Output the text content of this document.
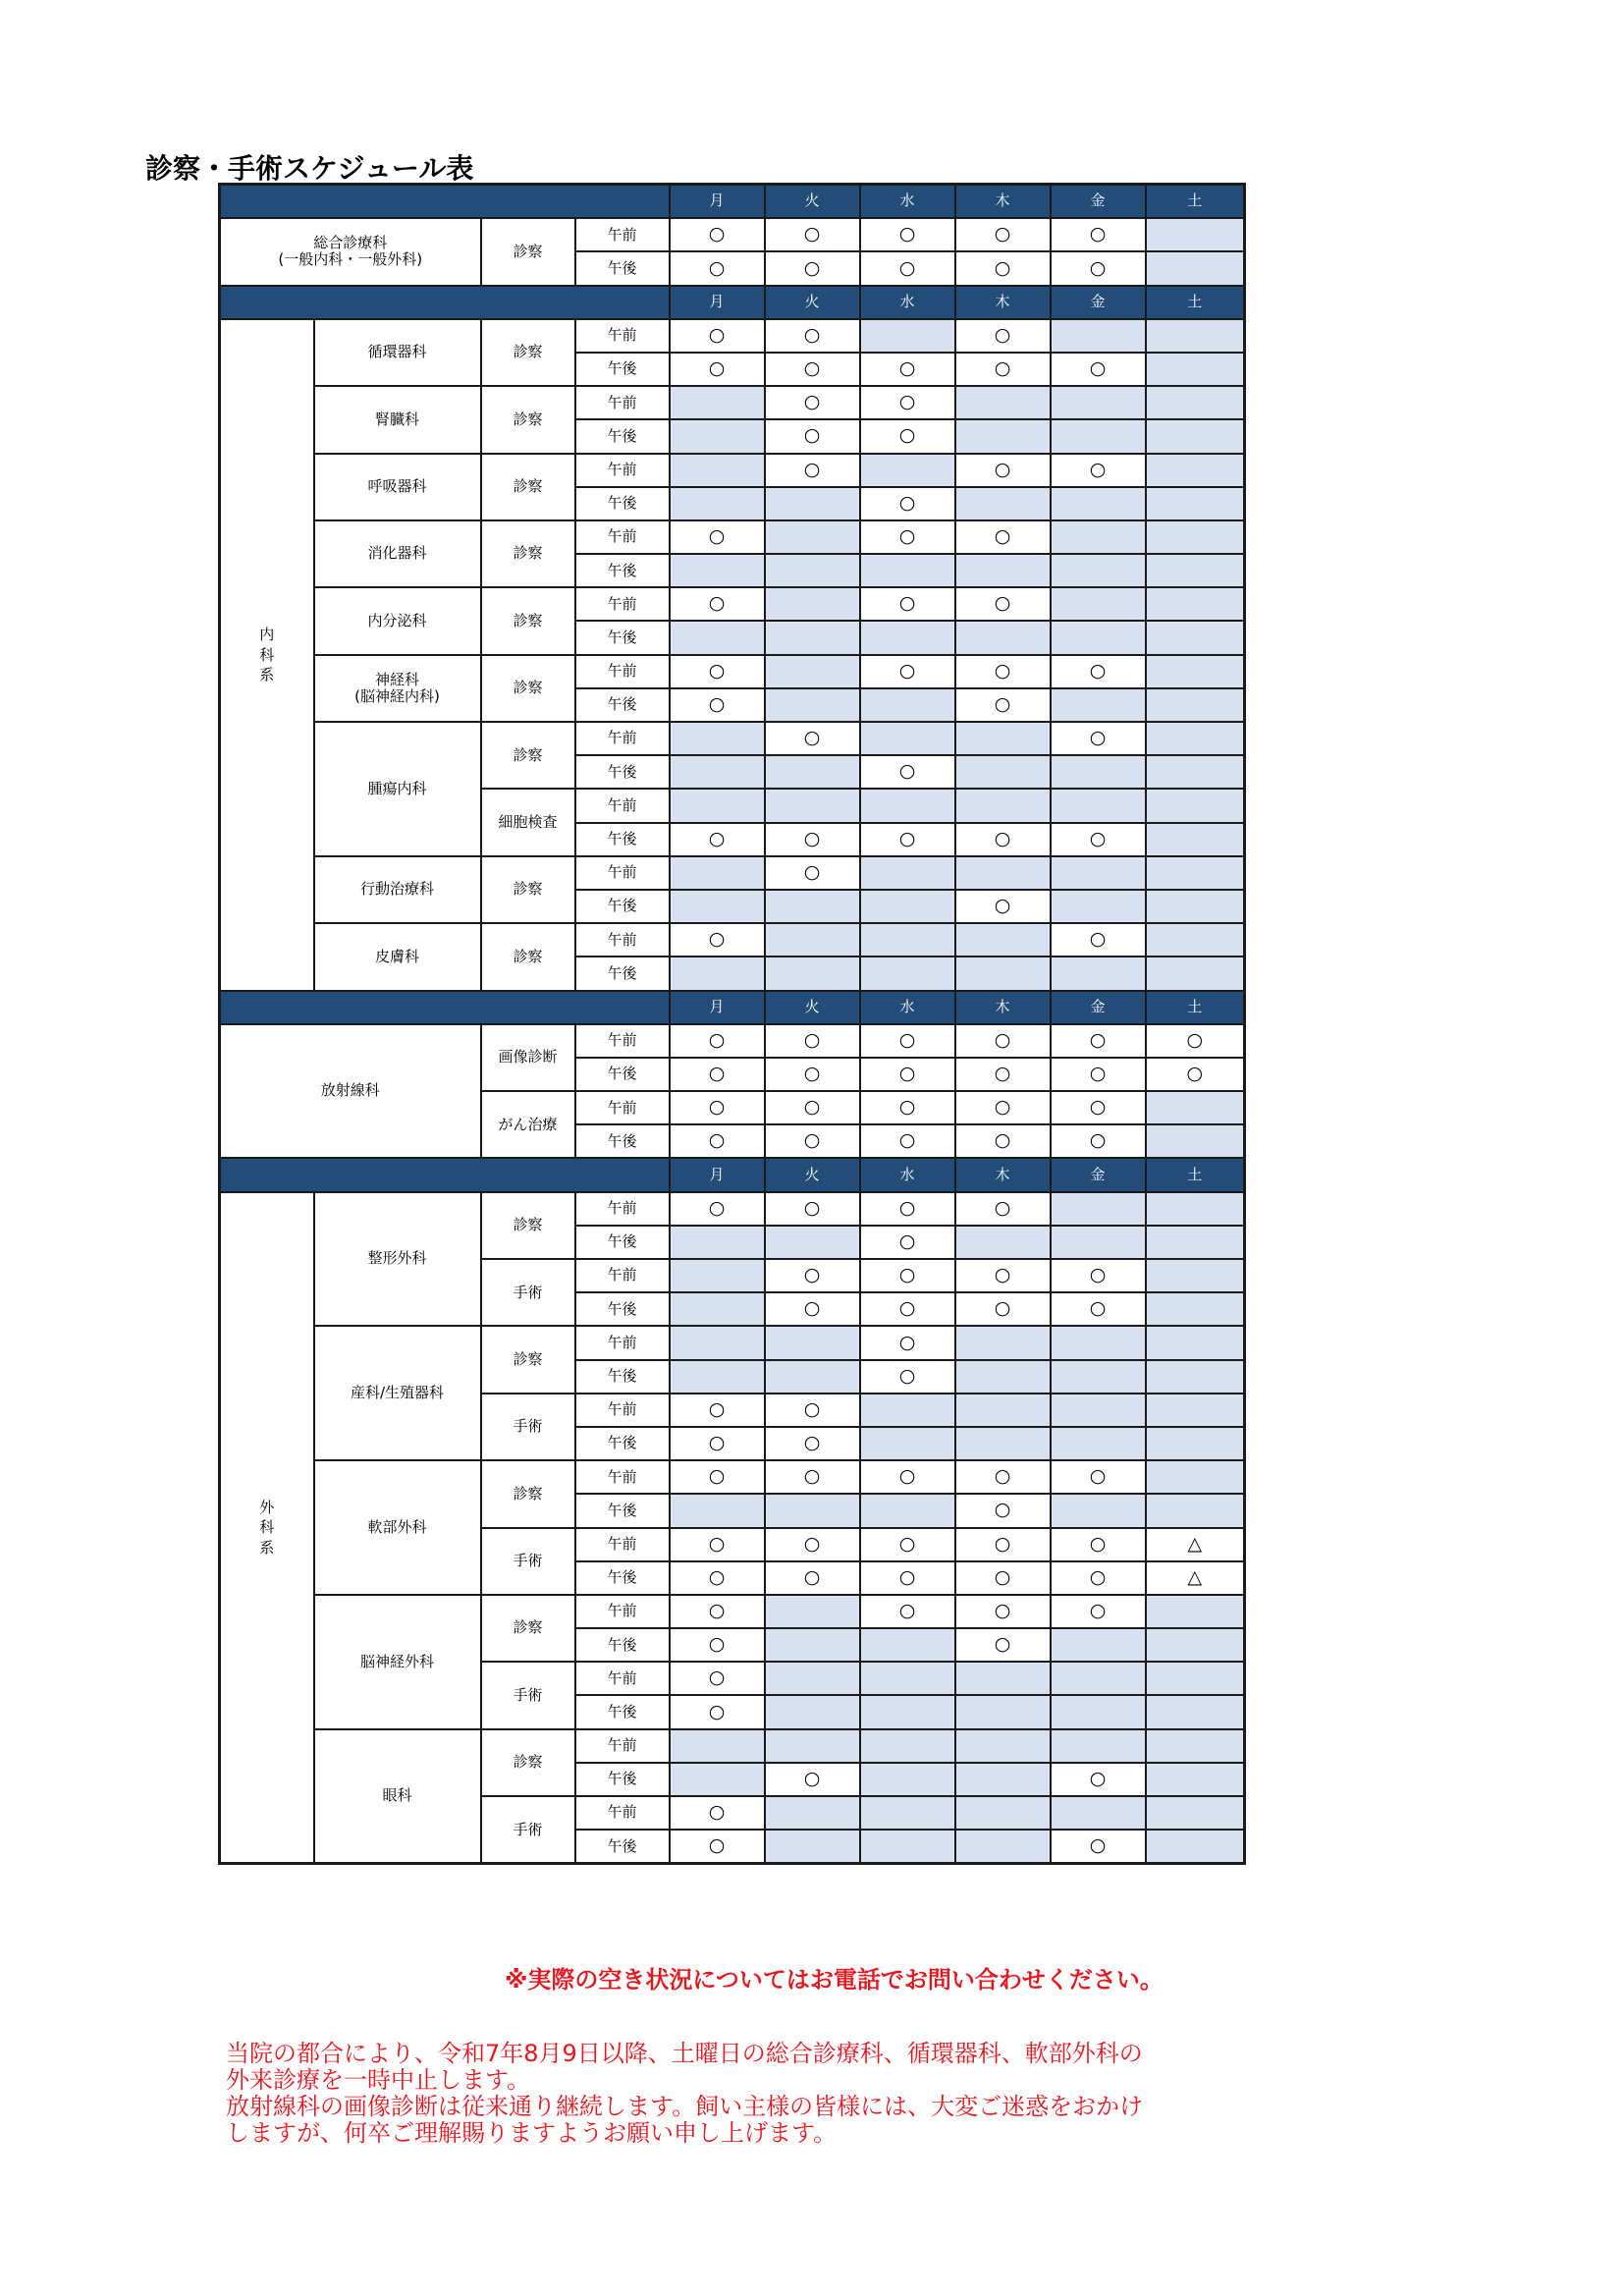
診察・手術スケジュール表
				月	火	水	木	金	土
総合診療科
(一般内科・一般外科)		診察	午前	○	○	○	○	○	
			午後	○	○	○	○	○	
				月	火	水	木	金	土
内
科
系	循環器科	診察	午前	○	○		○		
			午後	○	○	○	○	○	
	腎臓科	診察	午前		○	○			
			午後		○	○			
	呼吸器科	診察	午前		○		○	○	
			午後			○			
	消化器科	診察	午前	○		○	○		
			午後						
	内分泌科	診察	午前	○		○	○		
			午後						
	神経科
(脳神経内科)	診察	午前	○		○	○	○	
			午後	○			○		
	腫瘍内科	診察	午前		○			○	
			午後			○			
		細胞検査	午前						
			午後	○	○	○	○	○	
	行動治療科	診察	午前		○				
			午後				○		
	皮膚科	診察	午前	○				○	
			午後						
				月	火	水	木	金	土
放射線科		画像診断	午前	○	○	○	○	○	○
			午後	○	○	○	○	○	○
		がん治療	午前	○	○	○	○	○	
			午後	○	○	○	○	○	
				月	火	水	木	金	土
外
科
系	整形外科	診察	午前	○	○	○	○		
			午後			○			
		手術	午前		○	○	○	○	
			午後		○	○	○	○	
	産科/生殖器科	診察	午前			○			
			午後			○			
		手術	午前	○	○				
			午後	○	○				
	軟部外科	診察	午前	○	○	○	○	○	
			午後				○		
		手術	午前	○	○	○	○	○	△
			午後	○	○	○	○	○	△
	脳神経外科	診察	午前	○		○	○	○	
			午後	○			○		
		手術	午前	○					
			午後	○					
	眼科	診察	午前						
			午後		○			○	
		手術	午前	○					
			午後	○				○	
※実際の空き状況についてはお電話でお問い合わせください。

当院の都合により、令和7年8月9日以降、土曜日の総合診療科、循環器科、軟部外科の

外来診療を一時中止します。

放射線科の画像診断は従来通り継続します。飼い主様の皆様には、大変ご迷惑をおかけ

しますが、何卒ご理解賜りますようお願い申し上げます。
